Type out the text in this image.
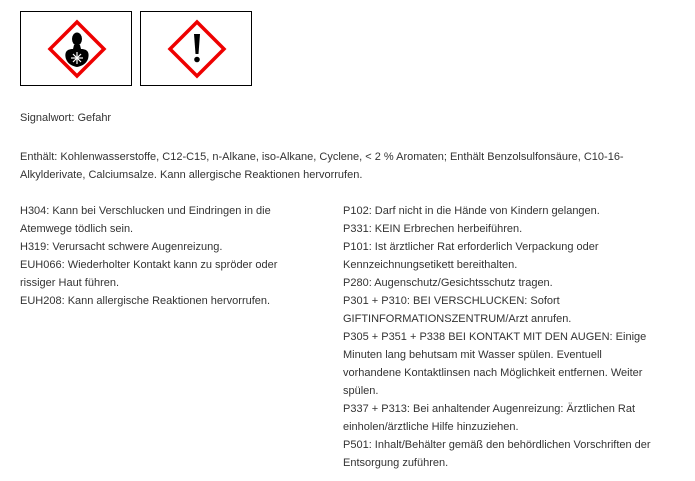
Signalwort: Gefahr
Enthält: Kohlenwasserstoffe, C12-C15, n-Alkane, iso-Alkane, Cyclene, < 2 % Aromaten; Enthält Benzolsulfonsäure, C10-16-Alkylderivate, Calciumsalze. Kann allergische Reaktionen hervorrufen.
H304: Kann bei Verschlucken und Eindringen in die Atemwege tödlich sein.
H319: Verursacht schwere Augenreizung.
EUH066: Wiederholter Kontakt kann zu spröder oder rissiger Haut führen.
EUH208: Kann allergische Reaktionen hervorrufen.
P102: Darf nicht in die Hände von Kindern gelangen.
P331: KEIN Erbrechen herbeiführen.
P101: Ist ärztlicher Rat erforderlich Verpackung oder Kennzeichnungsetikett bereithalten.
P280: Augenschutz/Gesichtsschutz tragen.
P301 + P310: BEI VERSCHLUCKEN: Sofort GIFTINFORMATIONSZENTRUM/Arzt anrufen.
P305 + P351 + P338 BEI KONTAKT MIT DEN AUGEN: Einige Minuten lang behutsam mit Wasser spülen. Eventuell vorhandene Kontaktlinsen nach Möglichkeit entfernen. Weiter spülen.
P337 + P313: Bei anhaltender Augenreizung: Ärztlichen Rat einholen/ärztliche Hilfe hinzuziehen.
P501: Inhalt/Behälter gemäß den behördlichen Vorschriften der Entsorgung zuführen.
